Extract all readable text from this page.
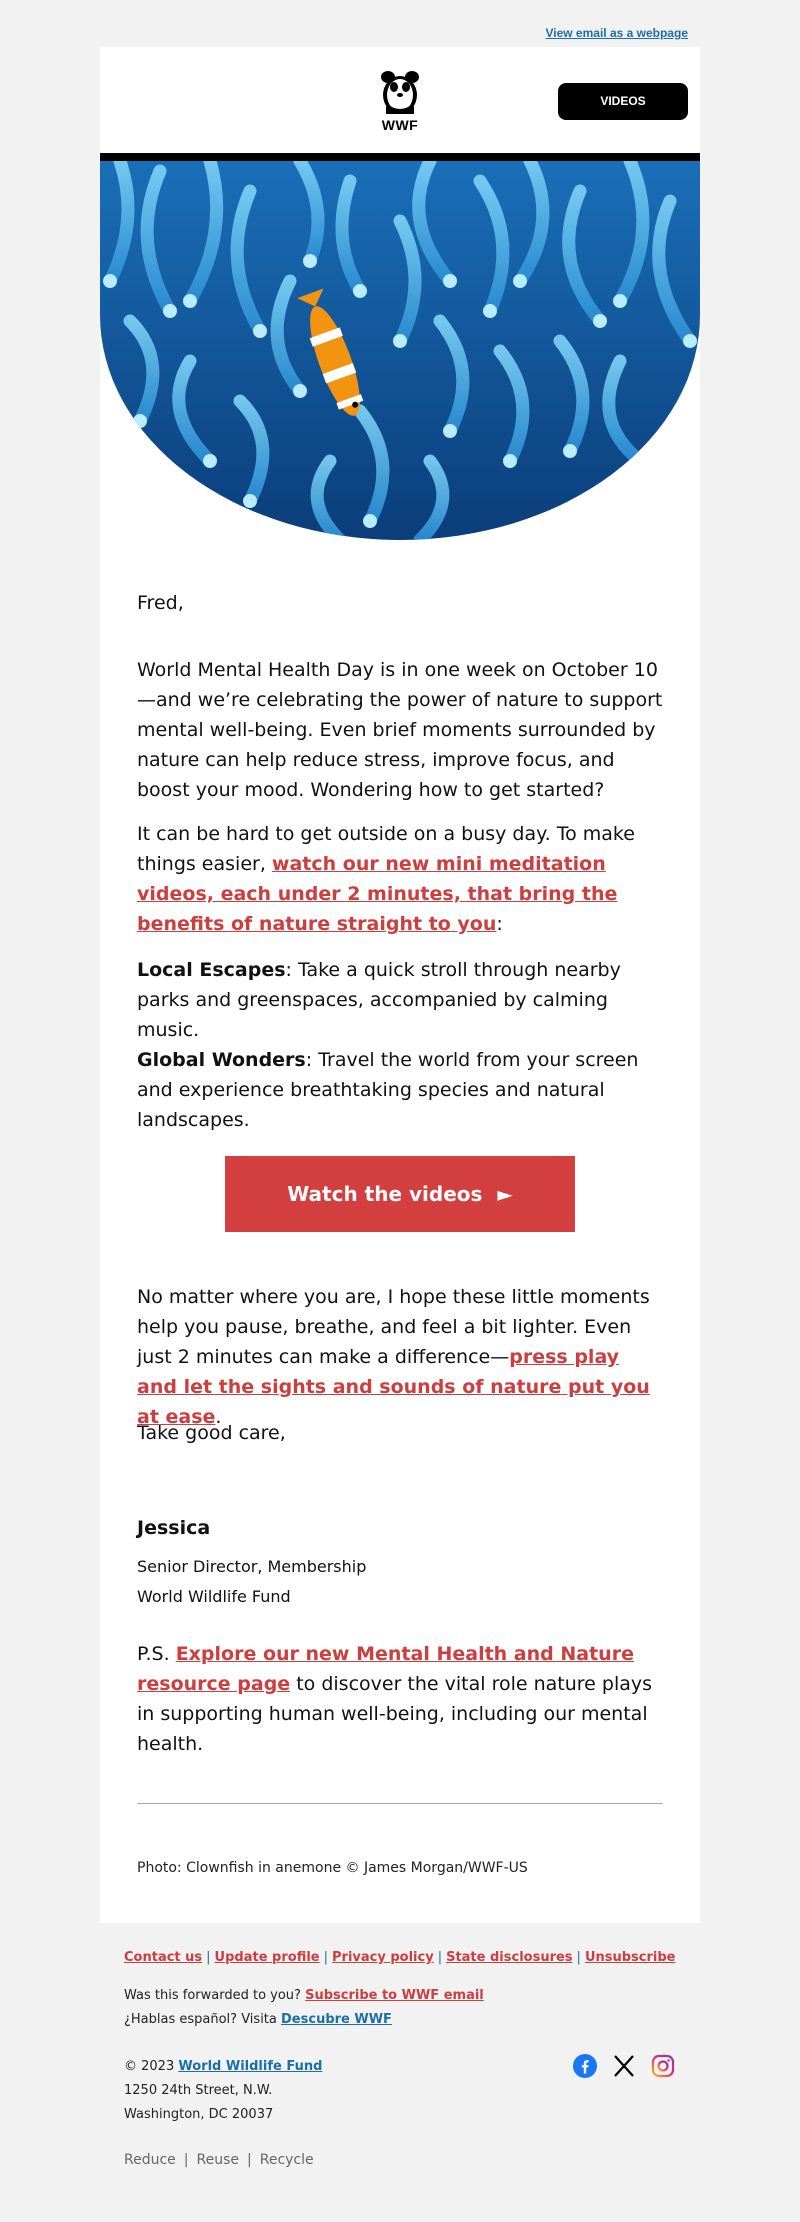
View email as a webpage
WWF
VIDEOS
Fred,
World Mental Health Day is in one week on October 10—and we’re celebrating the power of nature to support mental well-being. Even brief moments surrounded by nature can help reduce stress, improve focus, and boost your mood. Wondering how to get started?
It can be hard to get outside on a busy day. To make things easier, watch our new mini meditation videos, each under 2 minutes, that bring the benefits of nature straight to you:
Local Escapes: Take a quick stroll through nearby parks and greenspaces, accompanied by calming music.
Global Wonders: Travel the world from your screen and experience breathtaking species and natural landscapes.
Watch the videos ►
No matter where you are, I hope these little moments help you pause, breathe, and feel a bit lighter. Even just 2 minutes can make a difference—press play and let the sights and sounds of nature put you at ease.
Take good care,
Jessica
Senior Director, Membership
World Wildlife Fund
P.S. Explore our new Mental Health and Nature resource page to discover the vital role nature plays in supporting human well-being, including our mental health.
Photo: Clownfish in anemone © James Morgan/WWF-US
Contact us | Update profile | Privacy policy | State disclosures | Unsubscribe
Was this forwarded to you? Subscribe to WWF email
¿Hablas español? Visita Descubre WWF
© 2023 World Wildlife Fund
1250 24th Street, N.W.
Washington, DC 20037
Reduce | Reuse | Recycle
